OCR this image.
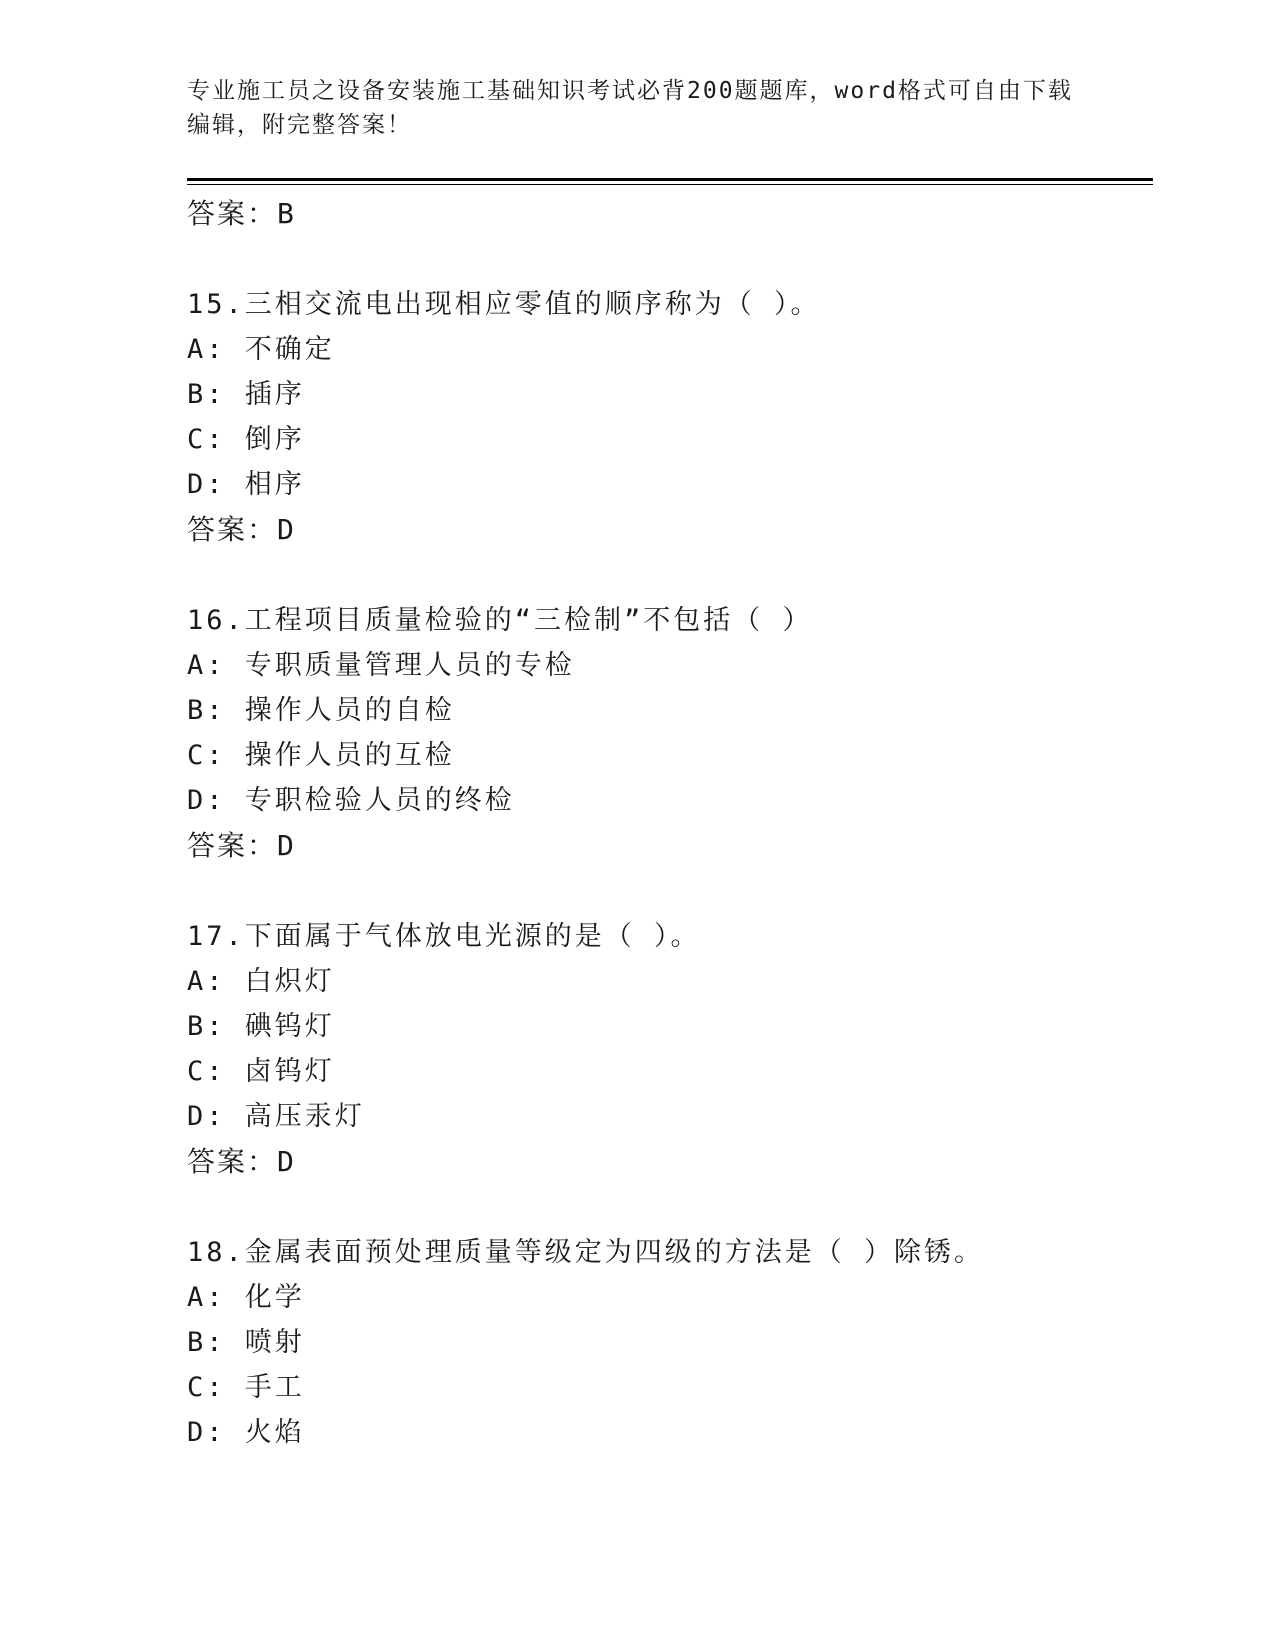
专业施工员之设备安装施工基础知识考试必背200题题库，word格式可自由下载

编辑，附完整答案！

答案：B
15.三相交流电出现相应零值的顺序称为（ ）。
A: 不确定
B: 插序
C: 倒序
D: 相序
答案：D
16.工程项目质量检验的“三检制”不包括（ ）
A: 专职质量管理人员的专检
B: 操作人员的自检
C: 操作人员的互检
D: 专职检验人员的终检
答案：D
17.下面属于气体放电光源的是（ ）。
A: 白炽灯
B: 碘钨灯
C: 卤钨灯
D: 高压汞灯
答案：D
18.金属表面预处理质量等级定为四级的方法是（ ）除锈。
A: 化学
B: 喷射
C: 手工
D: 火焰
